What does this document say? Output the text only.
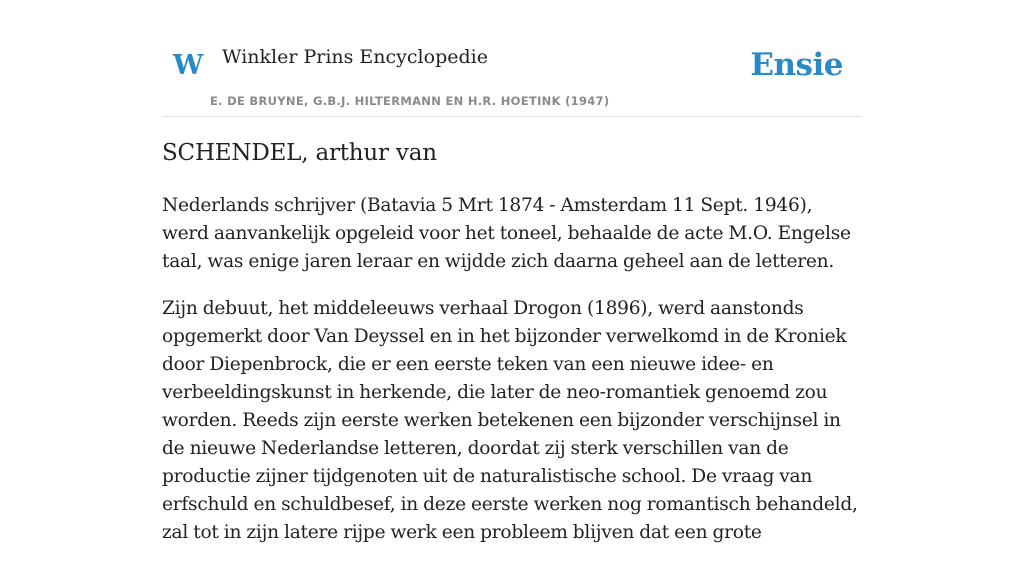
W Winkler Prins Encyclopedie
E. DE BRUYNE, G.B.J. HILTERMANN EN H.R. HOETINK (1947)
Ensie
SCHENDEL, arthur van

Nederlands schrijver (Batavia 5 Mrt 1874 - Amsterdam 11 Sept. 1946), werd aanvankelijk opgeleid voor het toneel, behaalde de acte M.O. Engelse taal, was enige jaren leraar en wijdde zich daarna geheel aan de letteren.

Zijn debuut, het middeleeuws verhaal Drogon (1896), werd aanstonds opgemerkt door Van Deyssel en in het bijzonder verwelkomd in de Kroniek door Diepenbrock, die er een eerste teken van een nieuwe idee- en verbeeldingskunst in herkende, die later de neo-romantiek genoemd zou worden. Reeds zijn eerste werken betekenen een bijzonder verschijnsel in de nieuwe Nederlandse letteren, doordat zij sterk verschillen van de productie zijner tijdgenoten uit de naturalistische school. De vraag van erfschuld en schuldbesef, in deze eerste werken nog romantisch behandeld, zal tot in zijn latere rijpe werk een probleem blijven dat een grote
